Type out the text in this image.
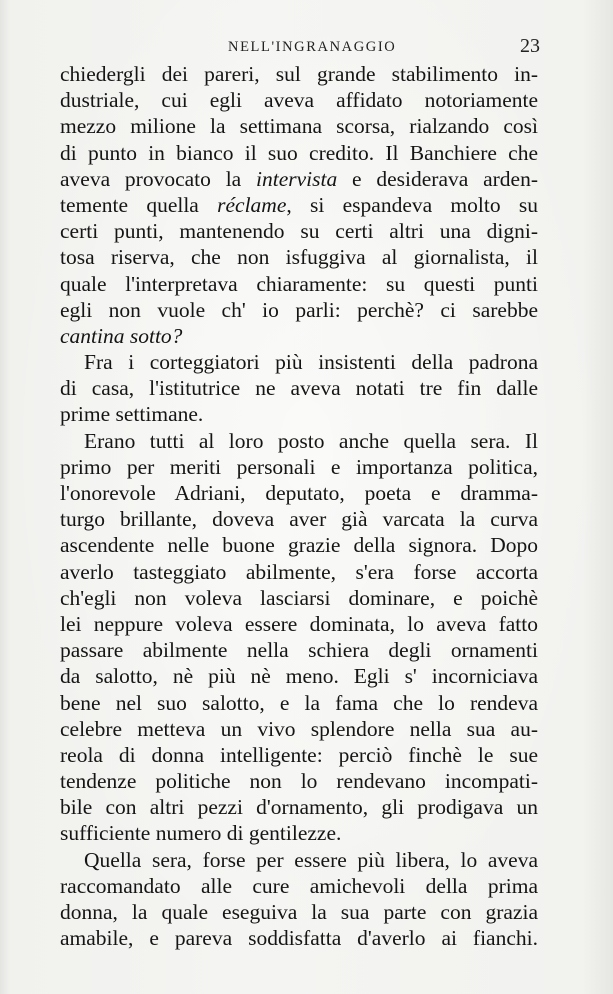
NELL'INGRANAGGIO	23
chiedergli dei pareri, sul grande stabilimento in-
dustriale, cui egli aveva affidato notoriamente
mezzo milione la settimana scorsa, rialzando così
di punto in bianco il suo credito. Il Banchiere che
aveva provocato la intervista e desiderava arden-
temente quella réclame, si espandeva molto su
certi punti, mantenendo su certi altri una digni-
tosa riserva, che non isfuggiva al giornalista, il
quale l'interpretava chiaramente: su questi punti
egli non vuole ch' io parli: perchè? ci sarebbe
cantina sotto?
Fra i corteggiatori più insistenti della padrona
di casa, l'istitutrice ne aveva notati tre fin dalle
prime settimane.
Erano tutti al loro posto anche quella sera. Il
primo per meriti personali e importanza politica,
l'onorevole Adriani, deputato, poeta e dramma-
turgo brillante, doveva aver già varcata la curva
ascendente nelle buone grazie della signora. Dopo
averlo tasteggiato abilmente, s'era forse accorta
ch'egli non voleva lasciarsi dominare, e poichè
lei neppure voleva essere dominata, lo aveva fatto
passare abilmente nella schiera degli ornamenti
da salotto, nè più nè meno. Egli s' incorniciava
bene nel suo salotto, e la fama che lo rendeva
celebre metteva un vivo splendore nella sua au-
reola di donna intelligente: perciò finchè le sue
tendenze politiche non lo rendevano incompati-
bile con altri pezzi d'ornamento, gli prodigava un
sufficiente numero di gentilezze.
Quella sera, forse per essere più libera, lo aveva
raccomandato alle cure amichevoli della prima
donna, la quale eseguiva la sua parte con grazia
amabile, e pareva soddisfatta d'averlo ai fianchi.
